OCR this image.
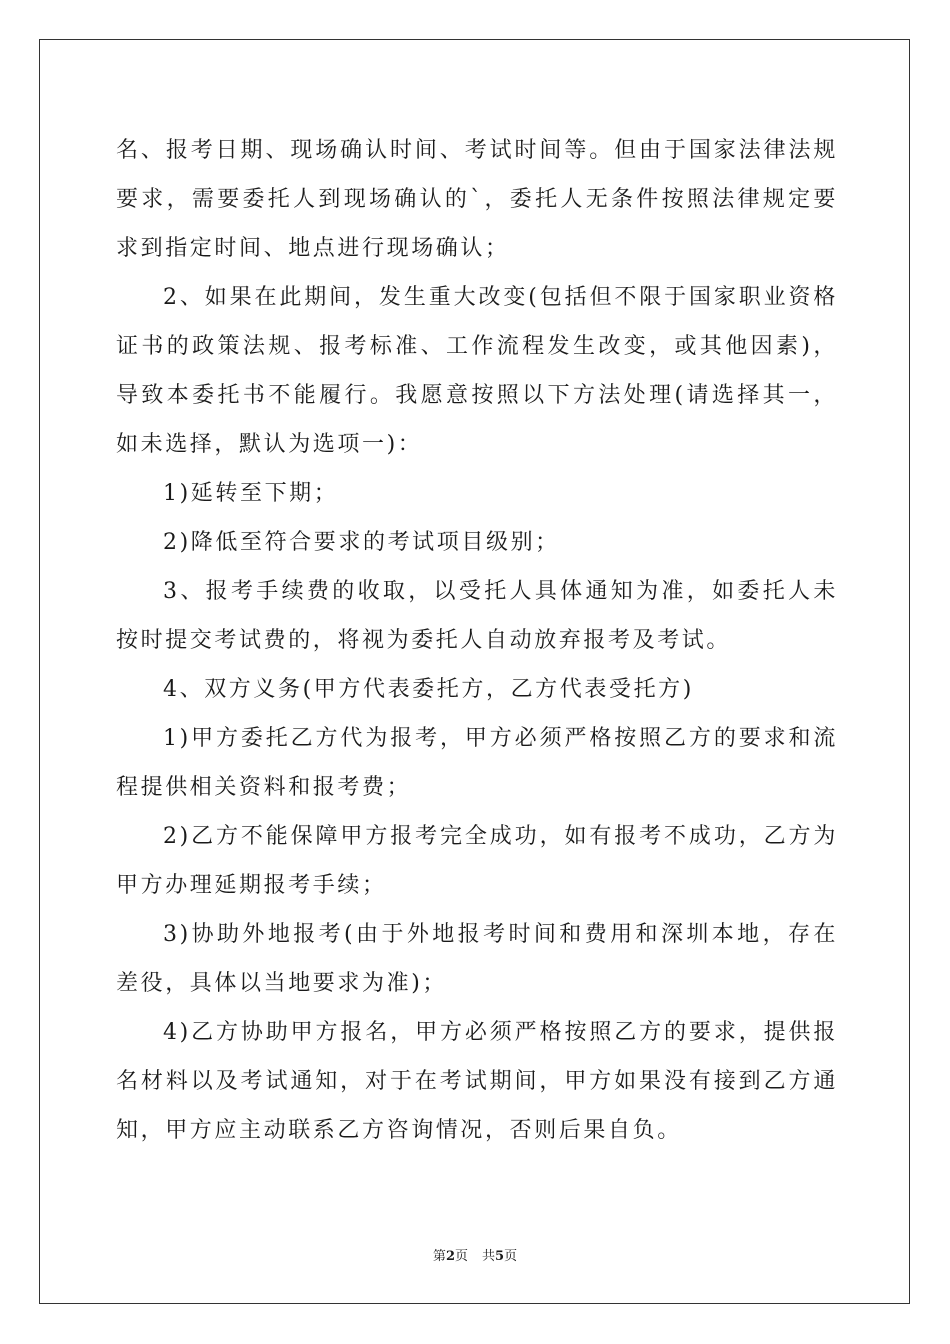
名、报考日期、现场确认时间、考试时间等。但由于国家法律法规要求，需要委托人到现场确认的`，委托人无条件按照法律规定要求到指定时间、地点进行现场确认；

2、如果在此期间，发生重大改变(包括但不限于国家职业资格证书的政策法规、报考标准、工作流程发生改变，或其他因素)，导致本委托书不能履行。我愿意按照以下方法处理(请选择其一，如未选择，默认为选项一)：

1)延转至下期；

2)降低至符合要求的考试项目级别；

3、报考手续费的收取，以受托人具体通知为准，如委托人未按时提交考试费的，将视为委托人自动放弃报考及考试。

4、双方义务(甲方代表委托方，乙方代表受托方)

1)甲方委托乙方代为报考，甲方必须严格按照乙方的要求和流程提供相关资料和报考费；

2)乙方不能保障甲方报考完全成功，如有报考不成功，乙方为甲方办理延期报考手续；

3)协助外地报考(由于外地报考时间和费用和深圳本地，存在差役，具体以当地要求为准)；

4)乙方协助甲方报名，甲方必须严格按照乙方的要求，提供报名材料以及考试通知，对于在考试期间，甲方如果没有接到乙方通知，甲方应主动联系乙方咨询情况，否则后果自负。

第2页 共5页
